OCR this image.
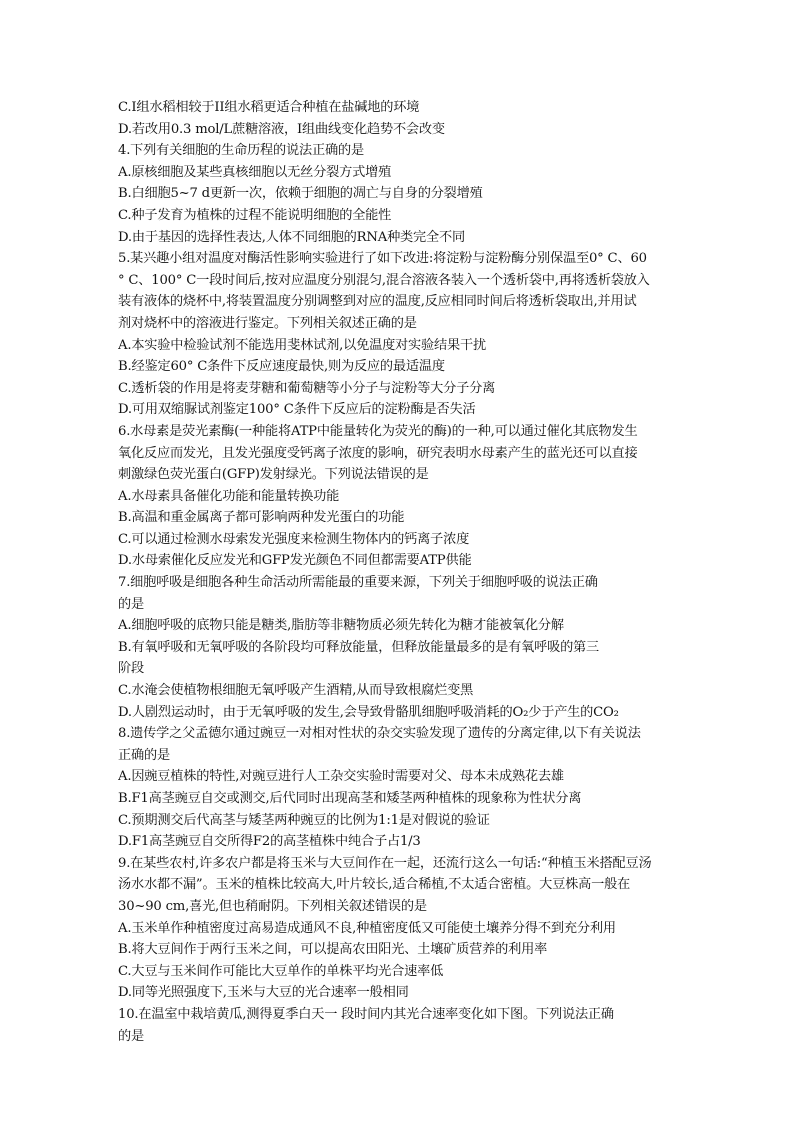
C.I组水稻相较于II组水稻更适合种植在盐碱地的环境
D.若改用0.3 mol/L蔗糖溶液，I组曲线变化趋势不会改变
4.下列有关细胞的生命历程的说法正确的是
A.原核细胞及某些真核细胞以无丝分裂方式增殖
B.白细胞5~7 d更新一次，依赖于细胞的凋亡与自身的分裂增殖
C.种子发育为植株的过程不能说明细胞的全能性
D.由于基因的选择性表达,人体不同细胞的RNA种类完全不同
5.某兴趣小组对温度对酶活性影响实验进行了如下改进:将淀粉与淀粉酶分别保温至0° C、60
° C、100° C一段时间后,按对应温度分别混匀,混合溶液各装入一个透析袋中,再将透析袋放入
装有液体的烧杯中,将装置温度分别调整到对应的温度,反应相同时间后将透析袋取出,并用试
剂对烧杯中的溶液进行鉴定。下列相关叙述正确的是
A.本实验中检验试剂不能选用斐林试剂,以免温度对实验结果干扰
B.经鉴定60° C条件下反应速度最快,则为反应的最适温度
C.透析袋的作用是将麦芽糖和葡萄糖等小分子与淀粉等大分子分离
D.可用双缩脲试剂鉴定100° C条件下反应后的淀粉酶是否失活
6.水母素是荧光素酶(一种能将ATP中能量转化为荧光的酶)的一种,可以通过催化其底物发生
氧化反应而发光，且发光强度受钙离子浓度的影响，研究表明水母素产生的蓝光还可以直接
刺激绿色荧光蛋白(GFP)发射绿光。下列说法错误的是
A.水母素具备催化功能和能量转换功能
B.高温和重金属离子都可影响两种发光蛋白的功能
C.可以通过检测水母索发光强度来检测生物体内的钙离子浓度
D.水母索催化反应发光和GFP发光颜色不同但都需要ATP供能
7.细胞呼吸是细胞各种生命活动所需能最的重要来源，下列关于细胞呼吸的说法正确
的是
A.细胞呼吸的底物只能是糖类,脂肪等非糖物质必须先转化为糖才能被氧化分解
B.有氧呼吸和无氧呼吸的各阶段均可释放能量，但释放能量最多的是有氧呼吸的第三
阶段
C.水淹会使植物根细胞无氧呼吸产生酒精,从而导致根腐烂变黑
D.人剧烈运动时，由于无氧呼吸的发生,会导致骨骼肌细胞呼吸消耗的O₂少于产生的CO₂
8.遗传学之父孟德尔通过豌豆一对相对性状的杂交实验发现了遗传的分离定律,以下有关说法
正确的是
A.因豌豆植株的特性,对豌豆进行人工杂交实验时需要对父、母本未成熟花去雄
B.F1高茎豌豆自交或测交,后代同时出现高茎和矮茎两种植株的现象称为性状分离
C.预期测交后代高茎与矮茎两种豌豆的比例为1:1是对假说的验证
D.F1高茎豌豆自交所得F2的高茎植株中纯合子占1/3
9.在某些农村,许多农户都是将玉米与大豆间作在一起，还流行这么一句话:“种植玉米搭配豆汤
汤水水都不漏”。玉米的植株比较高大,叶片较长,适合稀植,不太适合密植。大豆株高一般在
30~90 cm,喜光,但也稍耐阴。下列相关叙述错误的是
A.玉米单作种植密度过高易造成通风不良,种植密度低又可能使土壤养分得不到充分利用
B.将大豆间作于两行玉米之间，可以提高农田阳光、土壤矿质营养的利用率
C.大豆与玉米间作可能比大豆单作的单株平均光合速率低
D.同等光照强度下,玉米与大豆的光合速率一般相同
10.在温室中栽培黄瓜,测得夏季白天一 段时间内其光合速率变化如下图。下列说法正确
的是
